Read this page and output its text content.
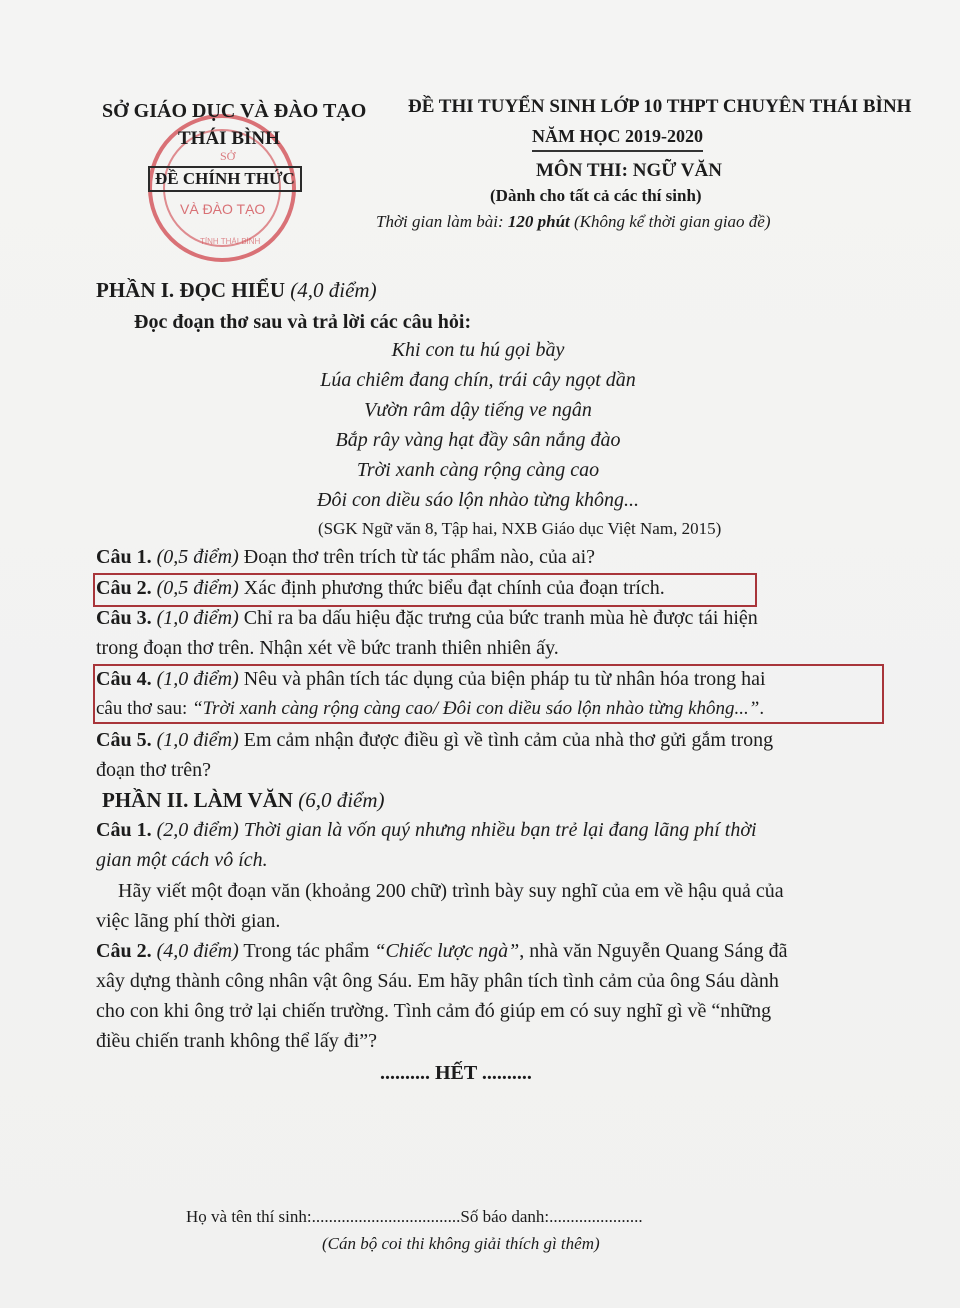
SỞ
VÀ ĐÀO TẠO
TỈNH THÁI BÌNH
SỞ GIÁO DỤC VÀ ĐÀO TẠO
THÁI BÌNH
ĐỀ CHÍNH THỨC
ĐỀ THI TUYỂN SINH LỚP 10 THPT CHUYÊN THÁI BÌNH
NĂM HỌC 2019-2020
MÔN THI: NGỮ VĂN
(Dành cho tất cả các thí sinh)
Thời gian làm bài: 120 phút (Không kể thời gian giao đề)
PHẦN I. ĐỌC HIỂU (4,0 điểm)
Đọc đoạn thơ sau và trả lời các câu hỏi:
Khi con tu hú gọi bầy
Lúa chiêm đang chín, trái cây ngọt dần
Vườn râm dậy tiếng ve ngân
Bắp rây vàng hạt đầy sân nắng đào
Trời xanh càng rộng càng cao
Đôi con diều sáo lộn nhào từng không...
(SGK Ngữ văn 8, Tập hai, NXB Giáo dục Việt Nam, 2015)
Câu 1. (0,5 điểm) Đoạn thơ trên trích từ tác phẩm nào, của ai?
Câu 2. (0,5 điểm) Xác định phương thức biểu đạt chính của đoạn trích.
Câu 3. (1,0 điểm) Chỉ ra ba dấu hiệu đặc trưng của bức tranh mùa hè được tái hiện
trong đoạn thơ trên. Nhận xét về bức tranh thiên nhiên ấy.
Câu 4. (1,0 điểm) Nêu và phân tích tác dụng của biện pháp tu từ nhân hóa trong hai
câu thơ sau: “Trời xanh càng rộng càng cao/ Đôi con diều sáo lộn nhào từng không...”.
Câu 5. (1,0 điểm) Em cảm nhận được điều gì về tình cảm của nhà thơ gửi gắm trong
đoạn thơ trên?
PHẦN II. LÀM VĂN (6,0 điểm)
Câu 1. (2,0 điểm) Thời gian là vốn quý nhưng nhiều bạn trẻ lại đang lãng phí thời
gian một cách vô ích.
Hãy viết một đoạn văn (khoảng 200 chữ) trình bày suy nghĩ của em về hậu quả của
việc lãng phí thời gian.
Câu 2. (4,0 điểm) Trong tác phẩm “Chiếc lược ngà”, nhà văn Nguyễn Quang Sáng đã
xây dựng thành công nhân vật ông Sáu. Em hãy phân tích tình cảm của ông Sáu dành
cho con khi ông trở lại chiến trường. Tình cảm đó giúp em có suy nghĩ gì về “những
điều chiến tranh không thể lấy đi”?
.......... HẾT ..........
Họ và tên thí sinh:...................................Số báo danh:......................
(Cán bộ coi thi không giải thích gì thêm)
